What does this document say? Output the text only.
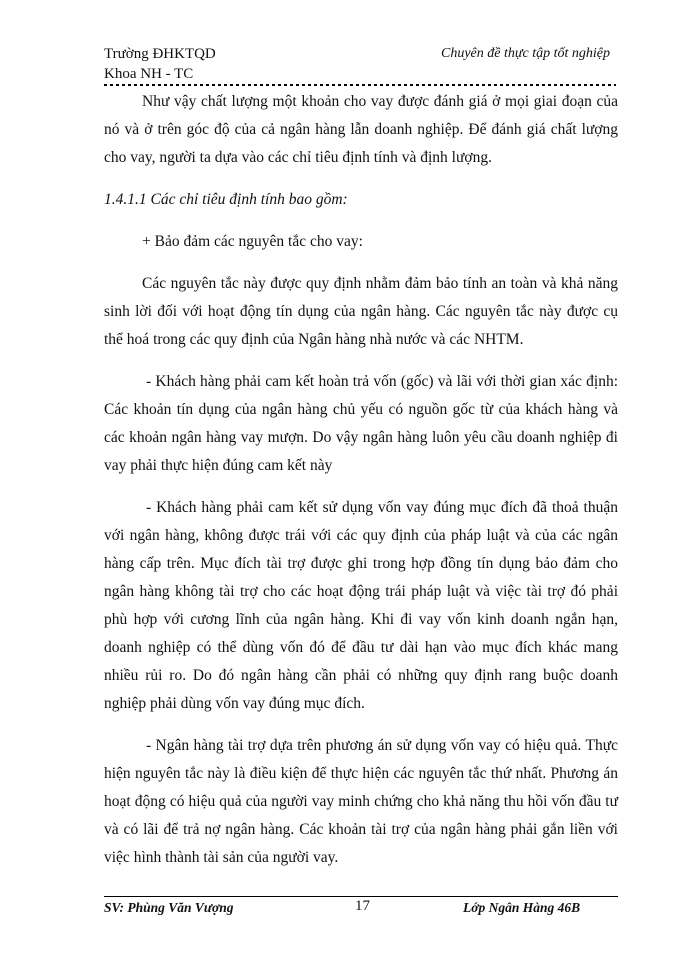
Trường ĐHKTQD
Khoa NH - TC
Chuyên đề thực tập tốt nghiệp

Như vậy chất lượng một khoản cho vay được đánh giá ở mọi giai đoạn của nó và ở trên góc độ của cả ngân hàng lẫn doanh nghiệp. Để đánh giá chất lượng cho vay, người ta dựa vào các chỉ tiêu định tính và định lượng.

1.4.1.1 Các chỉ tiêu định tính bao gồm:

+ Bảo đảm các nguyên tắc cho vay:

Các nguyên tắc này được quy định nhằm đảm bảo tính an toàn và khả năng sinh lời đối với hoạt động tín dụng của ngân hàng. Các nguyên tắc này được cụ thể hoá trong các quy định của Ngân hàng nhà nước và các NHTM.

- Khách hàng phải cam kết hoàn trả vốn (gốc) và lãi với thời gian xác định: Các khoản tín dụng của ngân hàng chủ yếu có nguồn gốc từ của khách hàng và các khoản ngân hàng vay mượn. Do vậy ngân hàng luôn yêu cầu doanh nghiệp đi vay phải thực hiện đúng cam kết này

- Khách hàng phải cam kết sử dụng vốn vay đúng mục đích đã thoả thuận với ngân hàng, không được trái với các quy định của pháp luật và của các ngân hàng cấp trên. Mục đích tài trợ được ghi trong hợp đồng tín dụng bảo đảm cho ngân hàng không tài trợ cho các hoạt động trái pháp luật và việc tài trợ đó phải phù hợp với cương lĩnh của ngân hàng. Khi đi vay vốn kinh doanh ngắn hạn, doanh nghiệp có thể dùng vốn đó để đầu tư dài hạn vào mục đích khác mang nhiều rủi ro. Do đó ngân hàng cần phải có những quy định rang buộc doanh nghiệp phải dùng vốn vay đúng mục đích.

- Ngân hàng tài trợ dựa trên phương án sử dụng vốn vay có hiệu quả. Thực hiện nguyên tắc này là điều kiện để thực hiện các nguyên tắc thứ nhất. Phương án hoạt động có hiệu quả của người vay minh chứng cho khả năng thu hồi vốn đầu tư và có lãi để trả nợ ngân hàng. Các khoản tài trợ của ngân hàng phải gắn liền với việc hình thành tài sản của người vay.

SV: Phùng Văn Vượng	17	Lớp Ngân Hàng 46B
